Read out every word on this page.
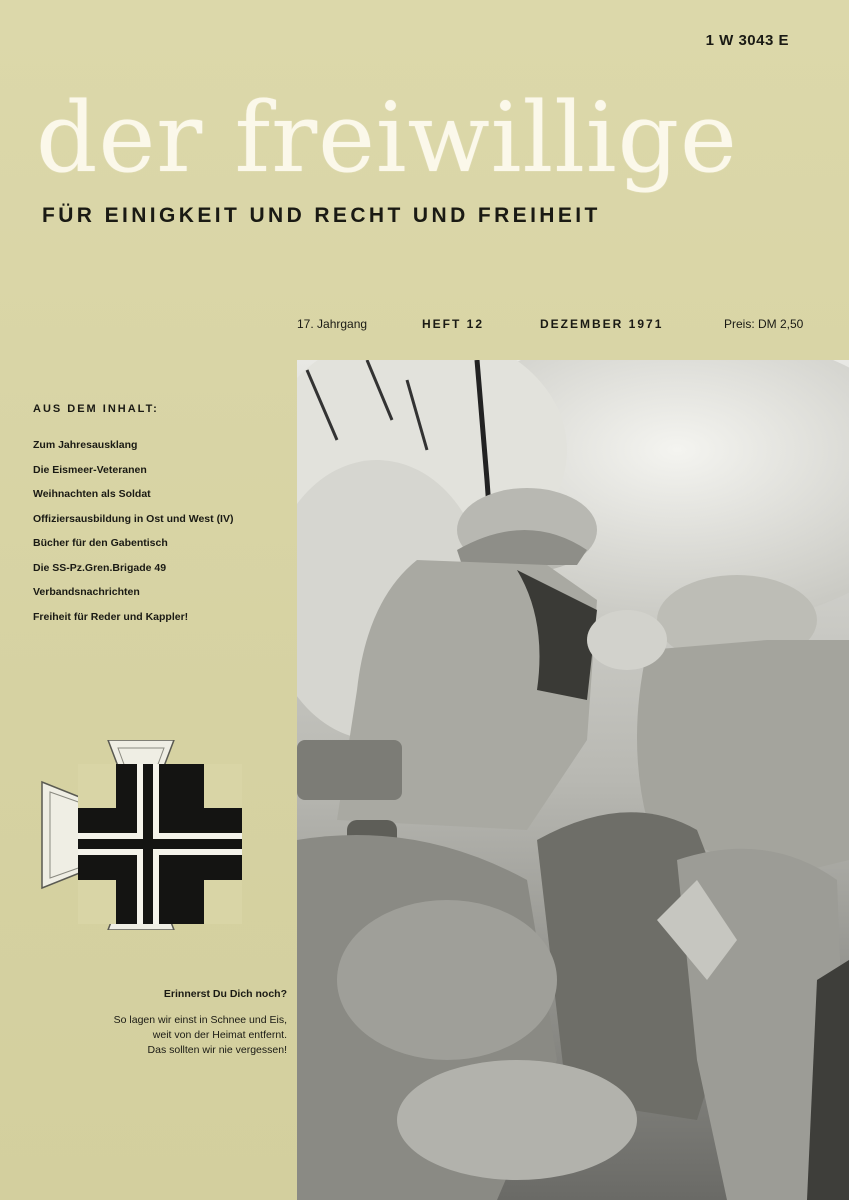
1 W 3043 E
der freiwillige
FÜR EINIGKEIT UND RECHT UND FREIHEIT
17. Jahrgang	HEFT 12	DEZEMBER 1971	Preis: DM 2,50
AUS DEM INHALT:
Zum Jahresausklang
Die Eismeer-Veteranen
Weihnachten als Soldat
Offiziersausbildung in Ost und West (IV)
Bücher für den Gabentisch
Die SS-Pz.Gren.Brigade 49
Verbandsnachrichten
Freiheit für Reder und Kappler!
Erinnerst Du Dich noch?
So lagen wir einst in Schnee und Eis,
weit von der Heimat entfernt.
Das sollten wir nie vergessen!
